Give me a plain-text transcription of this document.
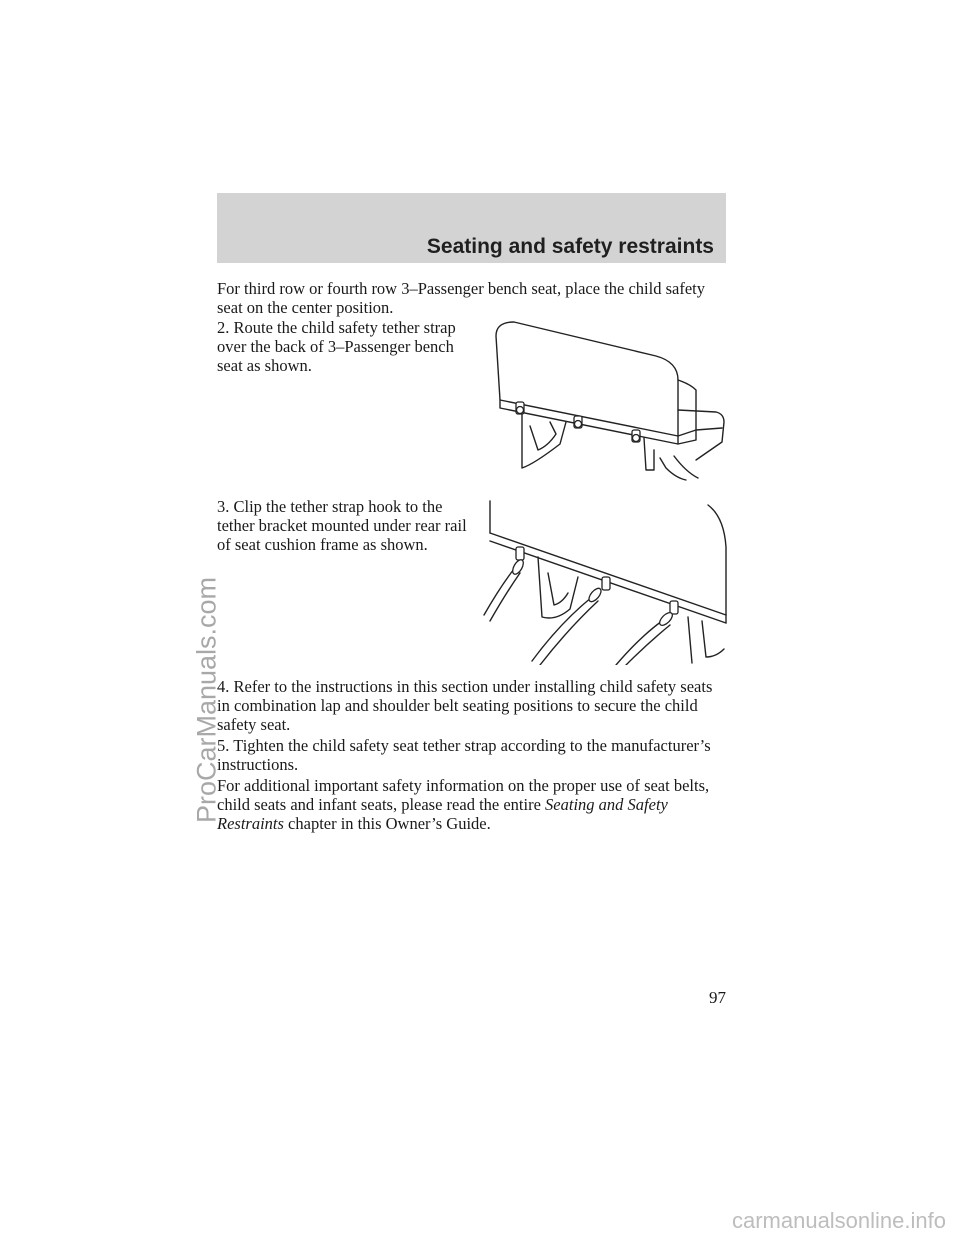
Seating and safety restraints

For third row or fourth row 3–Passenger bench seat, place the child safety seat on the center position.

2. Route the child safety tether strap over the back of 3–Passenger bench seat as shown.

3. Clip the tether strap hook to the tether bracket mounted under rear rail of seat cushion frame as shown.

4. Refer to the instructions in this section under installing child safety seats in combination lap and shoulder belt seating positions to secure the child safety seat.

5. Tighten the child safety seat tether strap according to the manufacturer’s instructions.

For additional important safety information on the proper use of seat belts, child seats and infant seats, please read the entire Seating and Safety Restraints chapter in this Owner’s Guide.

97

ProCarManuals.com

carmanualsonline.info
